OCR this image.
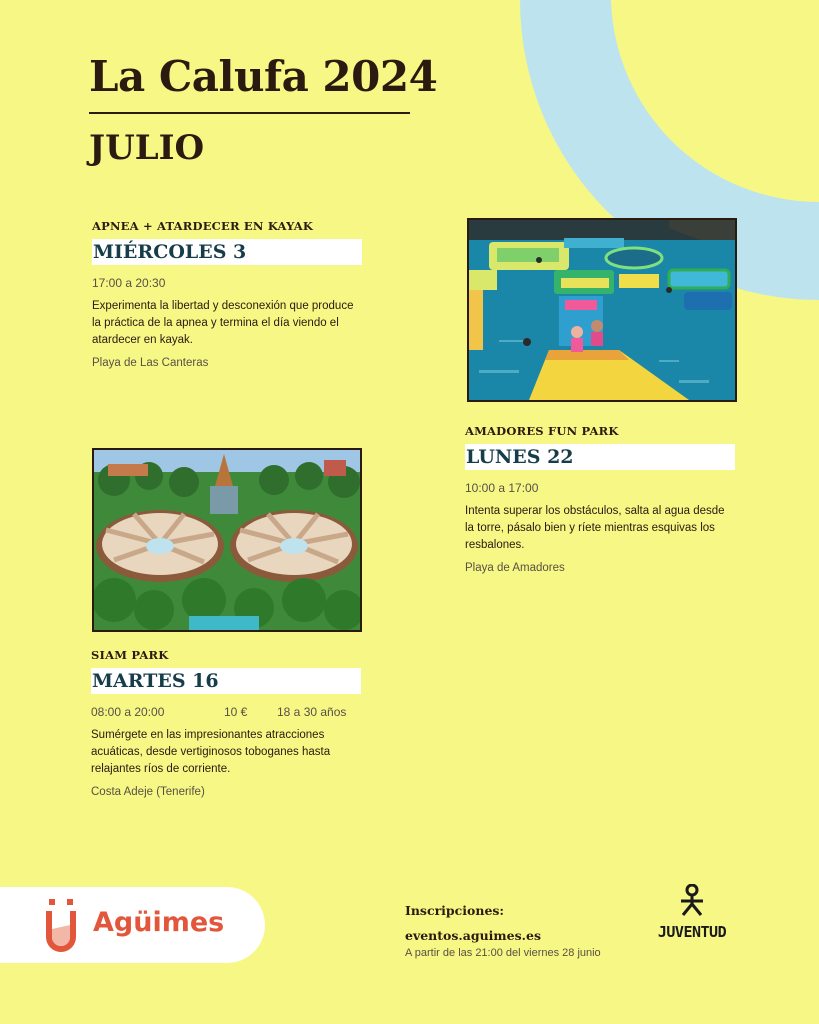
La Calufa 2024
JULIO
APNEA + ATARDECER EN KAYAK
MIÉRCOLES 3
17:00 a 20:30
Experimenta la libertad y desconexión que produce la práctica de la apnea y termina el día viendo el atardecer en kayak.
Playa de Las Canteras
AMADORES FUN PARK
LUNES 22
10:00 a 17:00
Intenta superar los obstáculos, salta al agua desde la torre, pásalo bien y ríete mientras esquivas los resbalones.
Playa de Amadores
SIAM PARK
MARTES 16
08:00 a 20:00	10 €	18 a 30 años
Sumérgete en las impresionantes atracciones acuáticas, desde vertiginosos toboganes hasta relajantes ríos de corriente.
Costa Adeje (Tenerife)
Agüimes	Inscripciones:
eventos.aguimes.es
A partir de las 21:00 del viernes 28 junio
JUVENTUD
